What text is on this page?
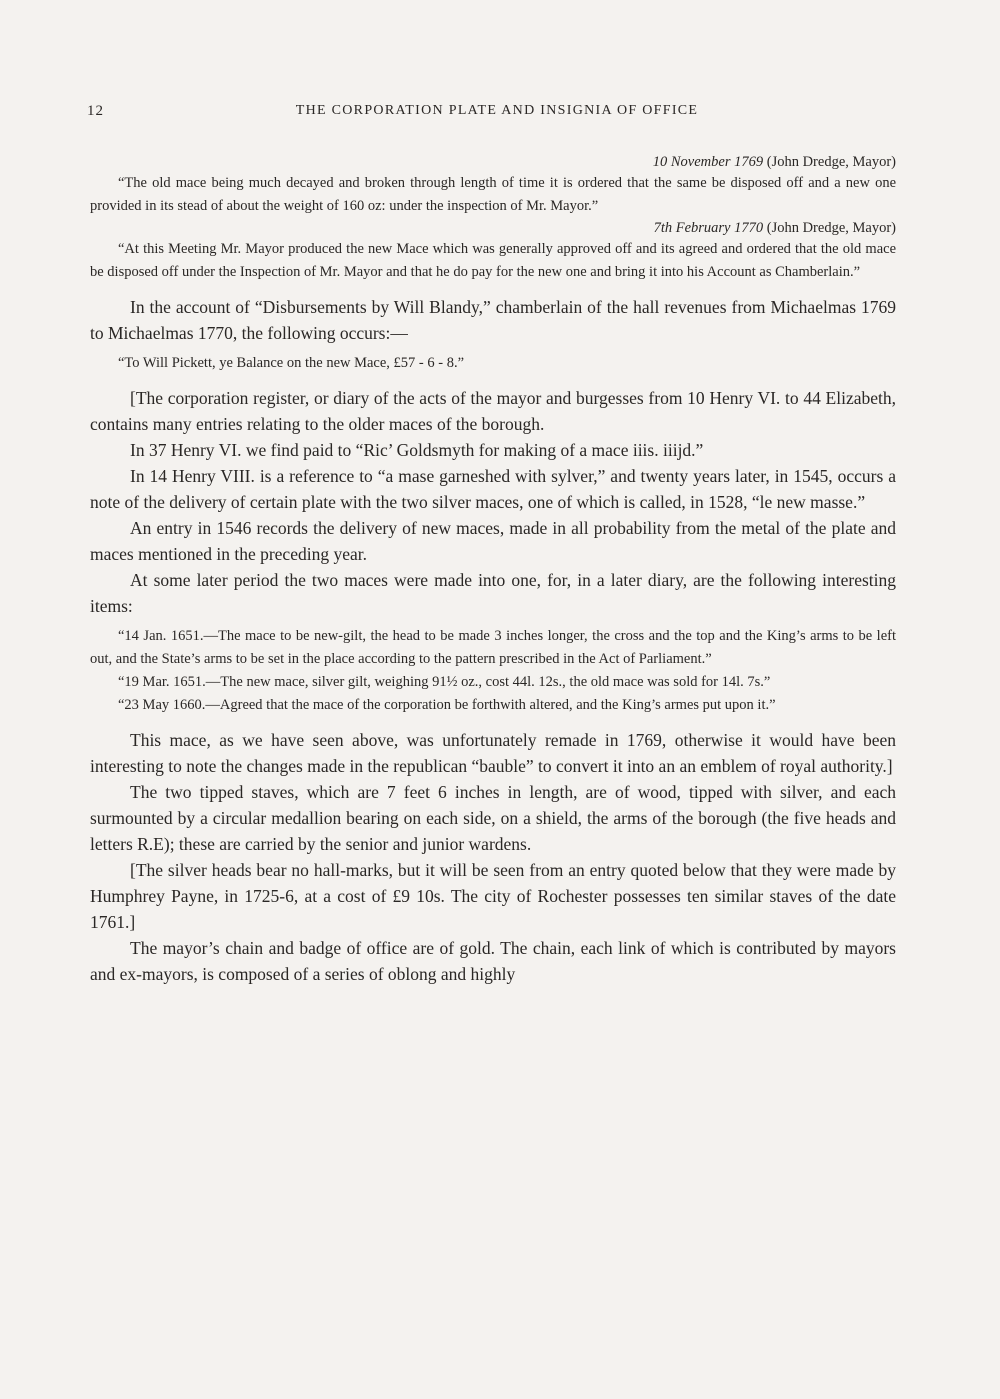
12	THE CORPORATION PLATE AND INSIGNIA OF OFFICE

10 November 1769 (John Dredge, Mayor)

“The old mace being much decayed and broken through length of time it is ordered that the same be disposed off and a new one provided in its stead of about the weight of 160 oz: under the inspection of Mr. Mayor.”

7th February 1770 (John Dredge, Mayor)

“At this Meeting Mr. Mayor produced the new Mace which was generally approved off and its agreed and ordered that the old mace be disposed off under the Inspection of Mr. Mayor and that he do pay for the new one and bring it into his Account as Chamberlain.”

In the account of “Disbursements by Will Blandy,” chamberlain of the hall revenues from Michaelmas 1769 to Michaelmas 1770, the following occurs:—

“To Will Pickett, ye Balance on the new Mace, £57 - 6 - 8.”

[The corporation register, or diary of the acts of the mayor and burgesses from 10 Henry VI. to 44 Elizabeth, contains many entries relating to the older maces of the borough.

In 37 Henry VI. we find paid to “Ric’ Goldsmyth for making of a mace iiis. iiijd.”

In 14 Henry VIII. is a reference to “a mase garneshed with sylver,” and twenty years later, in 1545, occurs a note of the delivery of certain plate with the two silver maces, one of which is called, in 1528, “le new masse.”

An entry in 1546 records the delivery of new maces, made in all probability from the metal of the plate and maces mentioned in the preceding year.

At some later period the two maces were made into one, for, in a later diary, are the following interesting items:

“14 Jan. 1651.—The mace to be new-gilt, the head to be made 3 inches longer, the cross and the top and the King’s arms to be left out, and the State’s arms to be set in the place according to the pattern prescribed in the Act of Parliament.”

“19 Mar. 1651.—The new mace, silver gilt, weighing 91½ oz., cost 44l. 12s., the old mace was sold for 14l. 7s.”

“23 May 1660.—Agreed that the mace of the corporation be forthwith altered, and the King’s armes put upon it.”

This mace, as we have seen above, was unfortunately remade in 1769, otherwise it would have been interesting to note the changes made in the republican “bauble” to convert it into an an emblem of royal authority.]

The two tipped staves, which are 7 feet 6 inches in length, are of wood, tipped with silver, and each surmounted by a circular medallion bearing on each side, on a shield, the arms of the borough (the five heads and letters R.E); these are carried by the senior and junior wardens.

[The silver heads bear no hall-marks, but it will be seen from an entry quoted below that they were made by Humphrey Payne, in 1725-6, at a cost of £9 10s. The city of Rochester possesses ten similar staves of the date 1761.]

The mayor’s chain and badge of office are of gold. The chain, each link of which is contributed by mayors and ex-mayors, is composed of a series of oblong and highly
